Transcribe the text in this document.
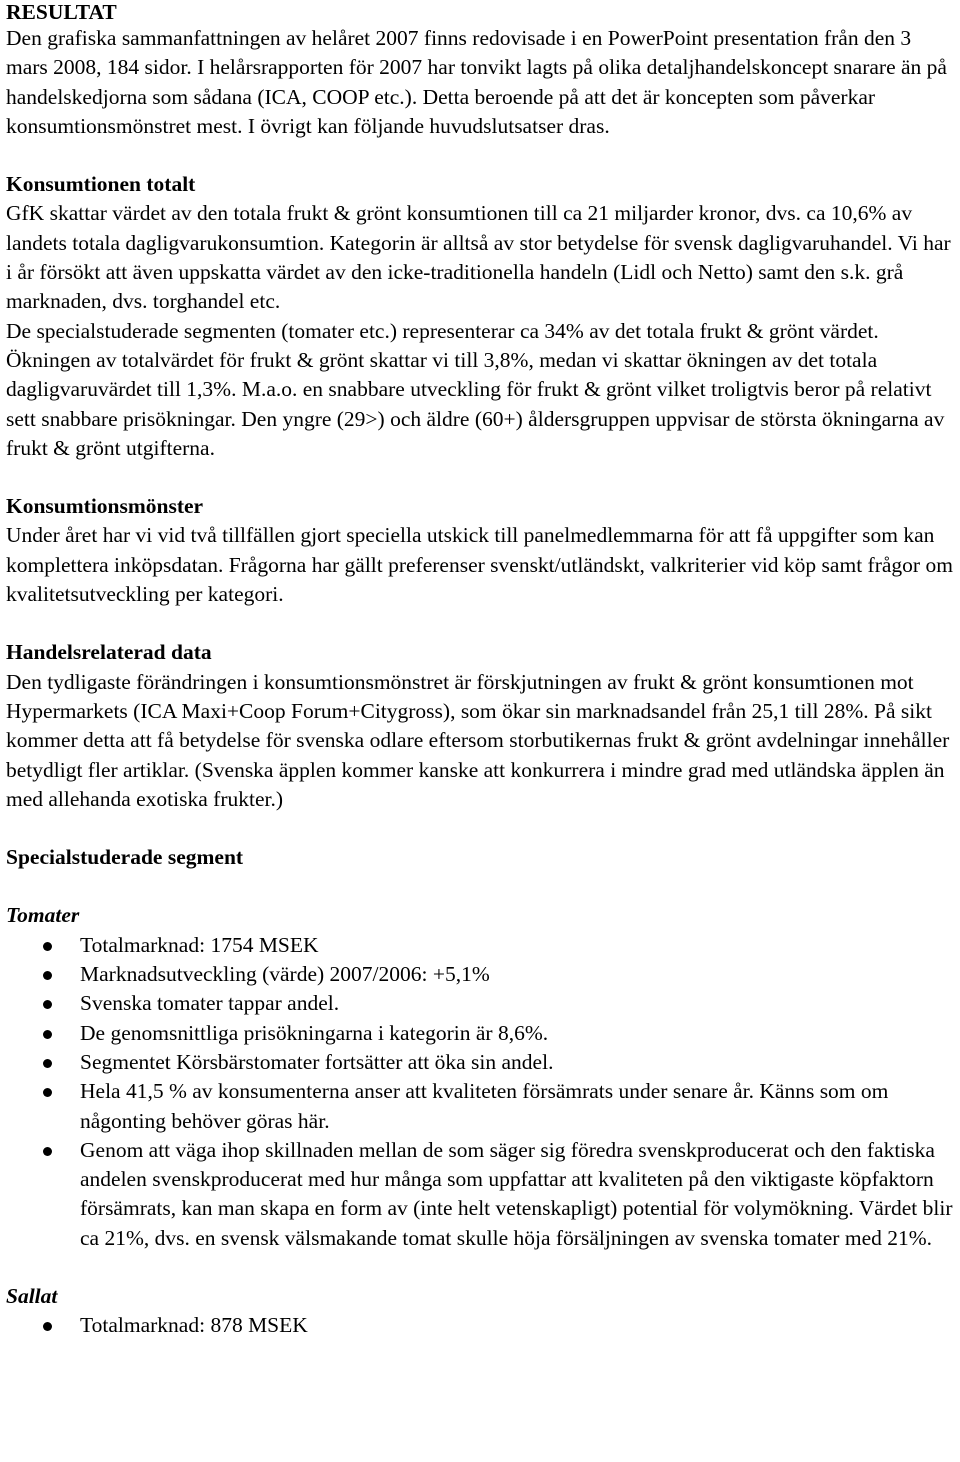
RESULTAT

Den grafiska sammanfattningen av helåret 2007 finns redovisade i en PowerPoint presentation från den 3 mars 2008, 184 sidor. I helårsrapporten för 2007 har tonvikt lagts på olika detaljhandelskoncept snarare än på handelskedjorna som sådana (ICA, COOP etc.). Detta beroende på att det är koncepten som påverkar konsumtionsmönstret mest. I övrigt kan följande huvudslutsatser dras.

Konsumtionen totalt

GfK skattar värdet av den totala frukt & grönt konsumtionen till ca 21 miljarder kronor, dvs. ca 10,6% av landets totala dagligvarukonsumtion. Kategorin är alltså av stor betydelse för svensk dagligvaruhandel. Vi har i år försökt att även uppskatta värdet av den icke-traditionella handeln (Lidl och Netto) samt den s.k. grå marknaden, dvs. torghandel etc.

De specialstuderade segmenten (tomater etc.) representerar ca 34% av det totala frukt & grönt värdet.

Ökningen av totalvärdet för frukt & grönt skattar vi till 3,8%, medan vi skattar ökningen av det totala dagligvaruvärdet till 1,3%. M.a.o. en snabbare utveckling för frukt & grönt vilket troligtvis beror på relativt sett snabbare prisökningar. Den yngre (29>) och äldre (60+) åldersgruppen uppvisar de största ökningarna av frukt & grönt utgifterna.

Konsumtionsmönster

Under året har vi vid två tillfällen gjort speciella utskick till panelmedlemmarna för att få uppgifter som kan komplettera inköpsdatan. Frågorna har gällt preferenser svenskt/utländskt, valkriterier vid köp samt frågor om kvalitetsutveckling per kategori.

Handelsrelaterad data

Den tydligaste förändringen i konsumtionsmönstret är förskjutningen av frukt & grönt konsumtionen mot Hypermarkets (ICA Maxi+Coop Forum+Citygross), som ökar sin marknadsandel från 25,1 till 28%. På sikt kommer detta att få betydelse för svenska odlare eftersom storbutikernas frukt & grönt avdelningar innehåller betydligt fler artiklar. (Svenska äpplen kommer kanske att konkurrera i mindre grad med utländska äpplen än med allehanda exotiska frukter.)

Specialstuderade segment
Tomater
Totalmarknad: 1754 MSEK
Marknadsutveckling (värde) 2007/2006: +5,1%
Svenska tomater tappar andel.
De genomsnittliga prisökningarna i kategorin är 8,6%.
Segmentet Körsbärstomater fortsätter att öka sin andel.
Hela 41,5 % av konsumenterna anser att kvaliteten försämrats under senare år. Känns som om någonting behöver göras här.
Genom att väga ihop skillnaden mellan de som säger sig föredra svenskproducerat och den faktiska andelen svenskproducerat med hur många som uppfattar att kvaliteten på den viktigaste köpfaktorn försämrats, kan man skapa en form av (inte helt vetenskapligt) potential för volymökning. Värdet blir ca 21%, dvs. en svensk välsmakande tomat skulle höja försäljningen av svenska tomater med 21%.
Sallat
Totalmarknad: 878 MSEK
